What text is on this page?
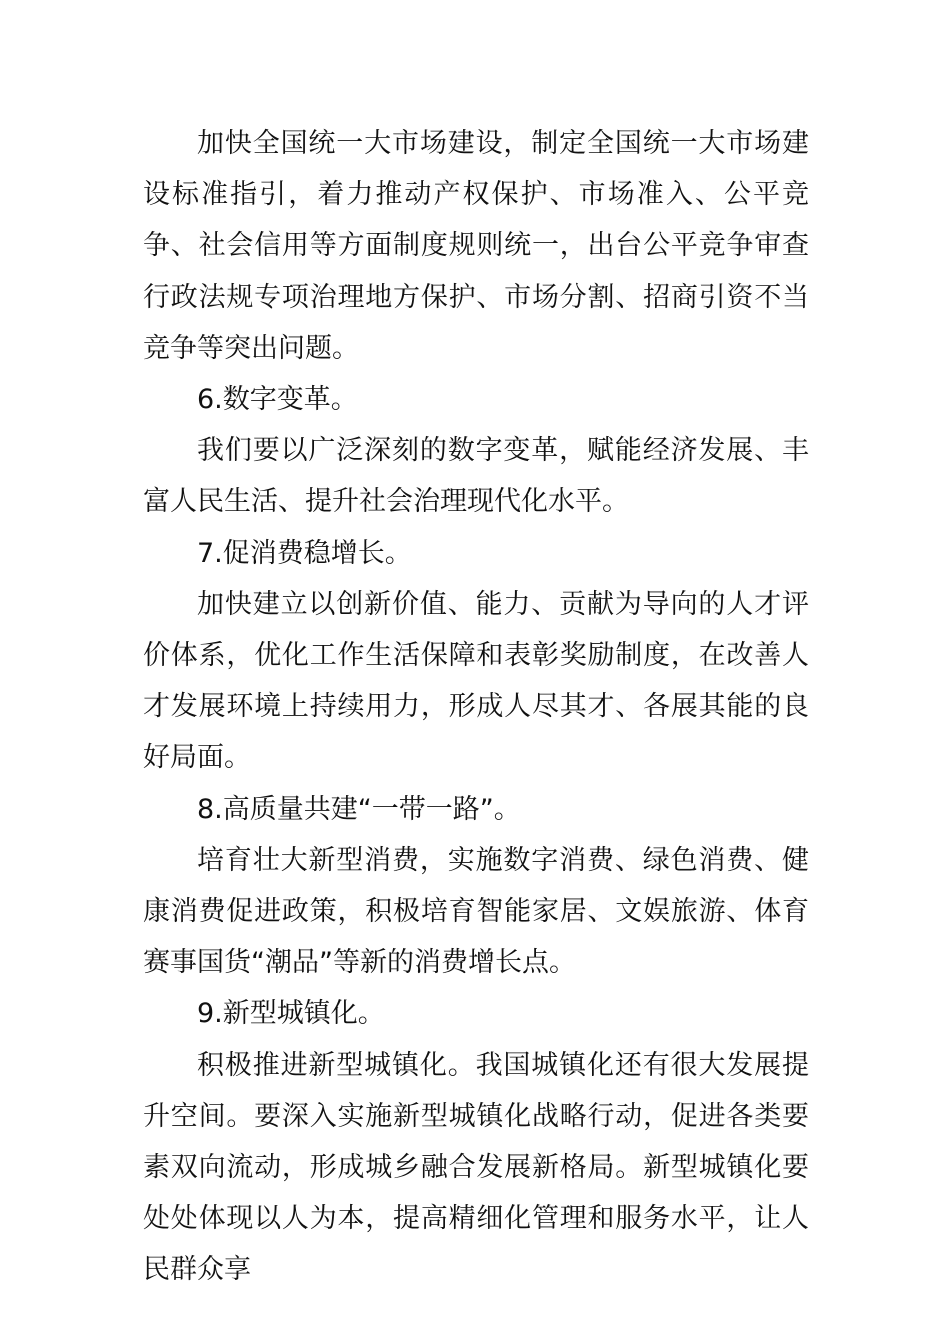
加快全国统一大市场建设，制定全国统一大市场建设标准指引，着力推动产权保护、市场准入、公平竞争、社会信用等方面制度规则统一，出台公平竞争审查行政法规专项治理地方保护、市场分割、招商引资不当竞争等突出问题。

6.数字变革。

我们要以广泛深刻的数字变革，赋能经济发展、丰富人民生活、提升社会治理现代化水平。

7.促消费稳增长。

加快建立以创新价值、能力、贡献为导向的人才评价体系，优化工作生活保障和表彰奖励制度，在改善人才发展环境上持续用力，形成人尽其才、各展其能的良好局面。

8.高质量共建“一带一路”。

培育壮大新型消费，实施数字消费、绿色消费、健康消费促进政策，积极培育智能家居、文娱旅游、体育赛事国货“潮品”等新的消费增长点。

9.新型城镇化。

积极推进新型城镇化。我国城镇化还有很大发展提升空间。要深入实施新型城镇化战略行动，促进各类要素双向流动，形成城乡融合发展新格局。新型城镇化要处处体现以人为本，提高精细化管理和服务水平，让人民群众享
